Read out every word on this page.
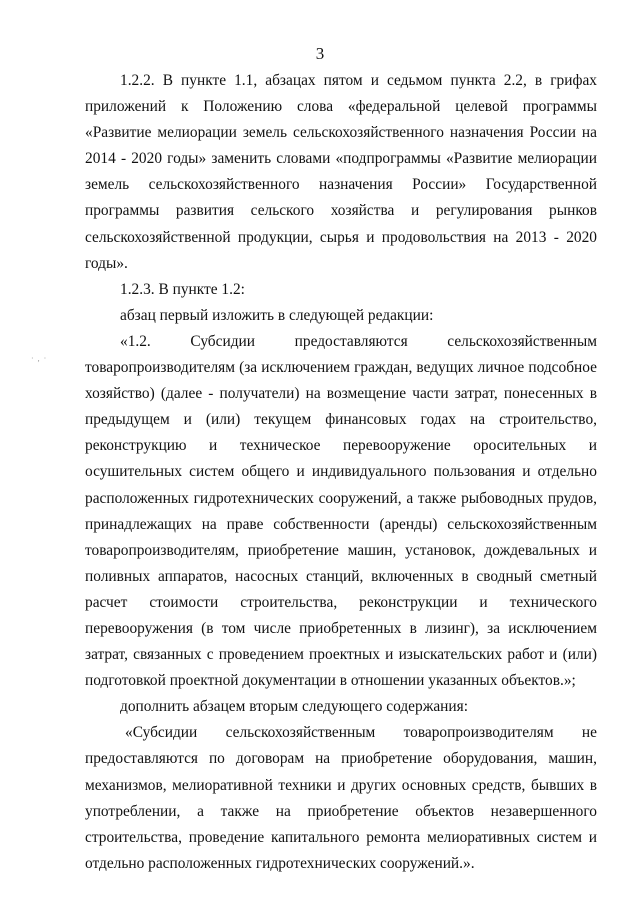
3
· , ·
1.2.2. В пункте 1.1, абзацах пятом и седьмом пункта 2.2, в грифах
приложений к Положению слова «федеральной целевой программы
«Развитие мелиорации земель сельскохозяйственного назначения России на
2014 - 2020 годы» заменить словами «подпрограммы «Развитие мелиорации
земель сельскохозяйственного назначения России» Государственной
программы развития сельского хозяйства и регулирования рынков
сельскохозяйственной продукции, сырья и продовольствия на 2013 - 2020
годы».
1.2.3. В пункте 1.2:
абзац первый изложить в следующей редакции:
«1.2. Субсидии предоставляются сельскохозяйственным
товаропроизводителям (за исключением граждан, ведущих личное подсобное
хозяйство) (далее - получатели) на возмещение части затрат, понесенных в
предыдущем и (или) текущем финансовых годах на строительство,
реконструкцию и техническое перевооружение оросительных и
осушительных систем общего и индивидуального пользования и отдельно
расположенных гидротехнических сооружений, а также рыбоводных прудов,
принадлежащих на праве собственности (аренды) сельскохозяйственным
товаропроизводителям, приобретение машин, установок, дождевальных и
поливных аппаратов, насосных станций, включенных в сводный сметный
расчет стоимости строительства, реконструкции и технического
перевооружения (в том числе приобретенных в лизинг), за исключением
затрат, связанных с проведением проектных и изыскательских работ и (или)
подготовкой проектной документации в отношении указанных объектов.»;
дополнить абзацем вторым следующего содержания:
«Субсидии сельскохозяйственным товаропроизводителям не
предоставляются по договорам на приобретение оборудования, машин,
механизмов, мелиоративной техники и других основных средств, бывших в
употреблении, а также на приобретение объектов незавершенного
строительства, проведение капитального ремонта мелиоративных систем и
отдельно расположенных гидротехнических сооружений.».
